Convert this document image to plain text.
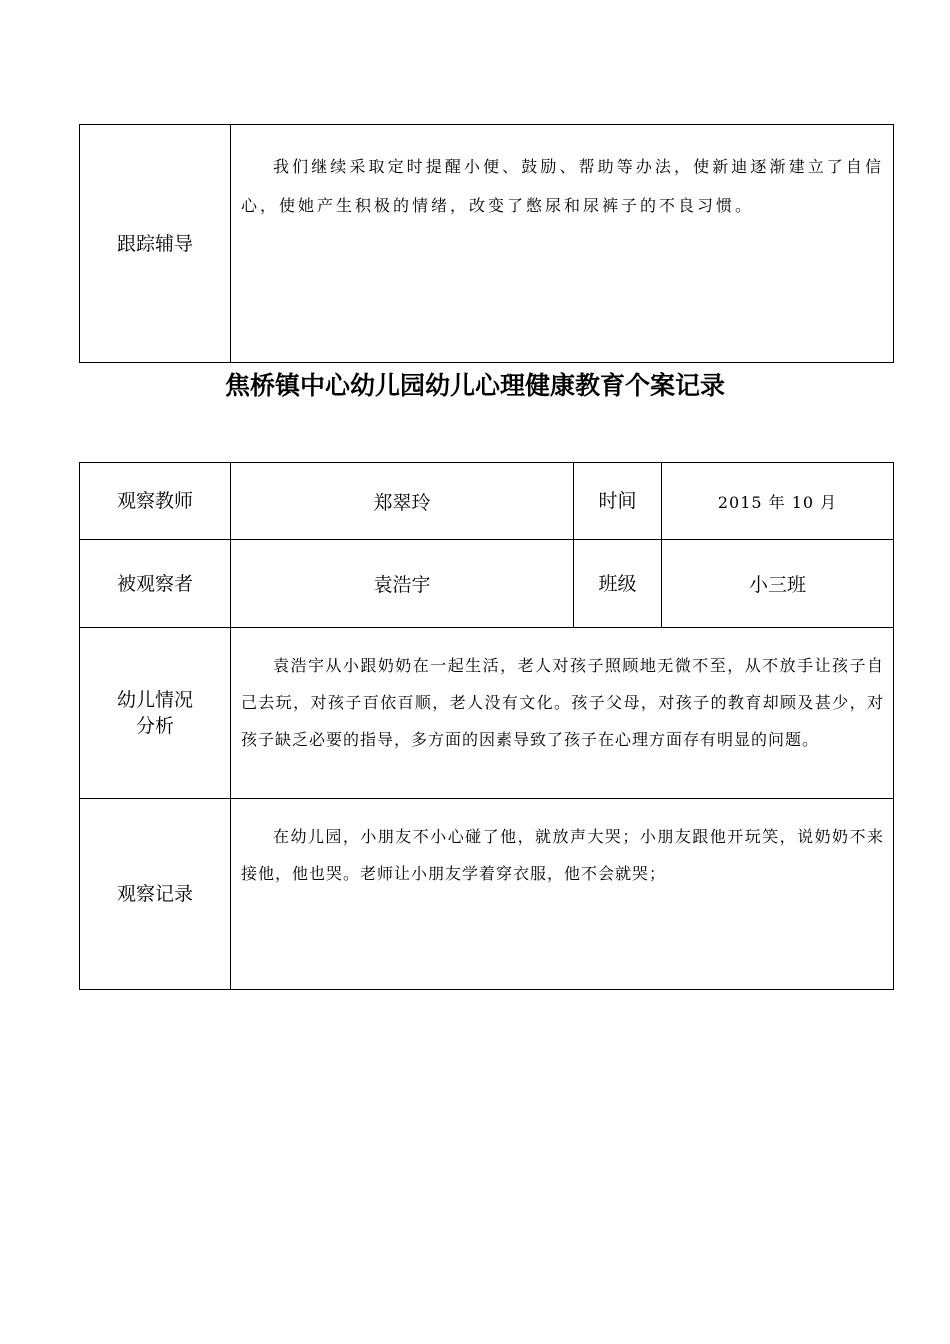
跟踪辅导	我们继续采取定时提醒小便、鼓励、帮助等办法，使新迪逐渐建立了自信心，使她产生积极的情绪，改变了憋尿和尿裤子的不良习惯。
焦桥镇中心幼儿园幼儿心理健康教育个案记录
观察教师	郑翠玲	时间	2015 年 10 月
被观察者	袁浩宇	班级	小三班

幼儿情况
分析	袁浩宇从小跟奶奶在一起生活，老人对孩子照顾地无微不至，从不放手让孩子自己去玩，对孩子百依百顺，老人没有文化。孩子父母，对孩子的教育却顾及甚少，对孩子缺乏必要的指导，多方面的因素导致了孩子在心理方面存有明显的问题。		
观察记录	在幼儿园，小朋友不小心碰了他，就放声大哭；小朋友跟他开玩笑，说奶奶不来接他，他也哭。老师让小朋友学着穿衣服，他不会就哭；		
